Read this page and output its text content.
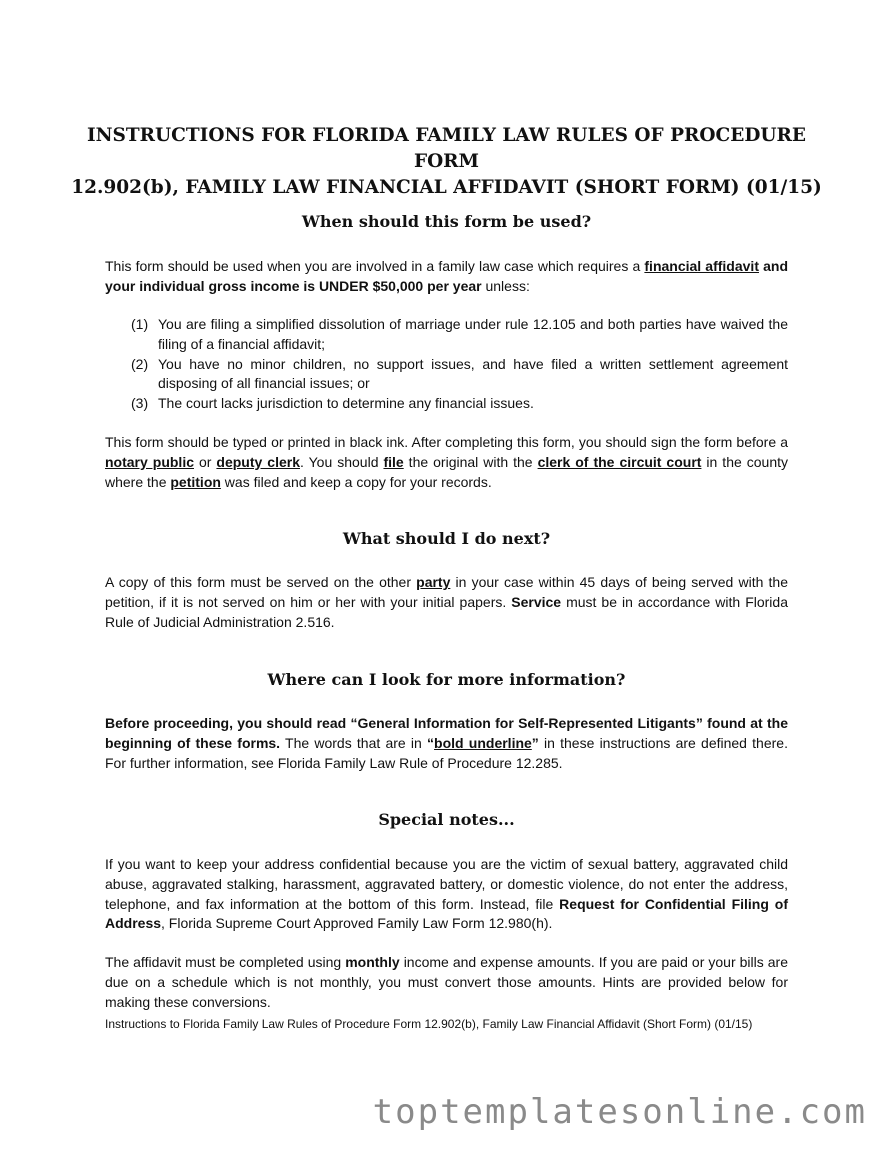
INSTRUCTIONS FOR FLORIDA FAMILY LAW RULES OF PROCEDURE FORM
12.902(b), FAMILY LAW FINANCIAL AFFIDAVIT (SHORT FORM) (01/15)
When should this form be used?
This form should be used when you are involved in a family law case which requires a financial affidavit and your individual gross income is UNDER $50,000 per year unless:
(1) You are filing a simplified dissolution of marriage under rule 12.105 and both parties have waived the filing of a financial affidavit;
(2) You have no minor children, no support issues, and have filed a written settlement agreement disposing of all financial issues; or
(3) The court lacks jurisdiction to determine any financial issues.
This form should be typed or printed in black ink. After completing this form, you should sign the form before a notary public or deputy clerk. You should file the original with the clerk of the circuit court in the county where the petition was filed and keep a copy for your records.
What should I do next?
A copy of this form must be served on the other party in your case within 45 days of being served with the petition, if it is not served on him or her with your initial papers. Service must be in accordance with Florida Rule of Judicial Administration 2.516.
Where can I look for more information?
Before proceeding, you should read “General Information for Self-Represented Litigants” found at the beginning of these forms. The words that are in “bold underline” in these instructions are defined there. For further information, see Florida Family Law Rule of Procedure 12.285.
Special notes...
If you want to keep your address confidential because you are the victim of sexual battery, aggravated child abuse, aggravated stalking, harassment, aggravated battery, or domestic violence, do not enter the address, telephone, and fax information at the bottom of this form. Instead, file Request for Confidential Filing of Address, Florida Supreme Court Approved Family Law Form 12.980(h).
The affidavit must be completed using monthly income and expense amounts. If you are paid or your bills are due on a schedule which is not monthly, you must convert those amounts. Hints are provided below for making these conversions.
Instructions to Florida Family Law Rules of Procedure Form 12.902(b), Family Law Financial Affidavit (Short Form) (01/15)
toptemplatesonline.com
